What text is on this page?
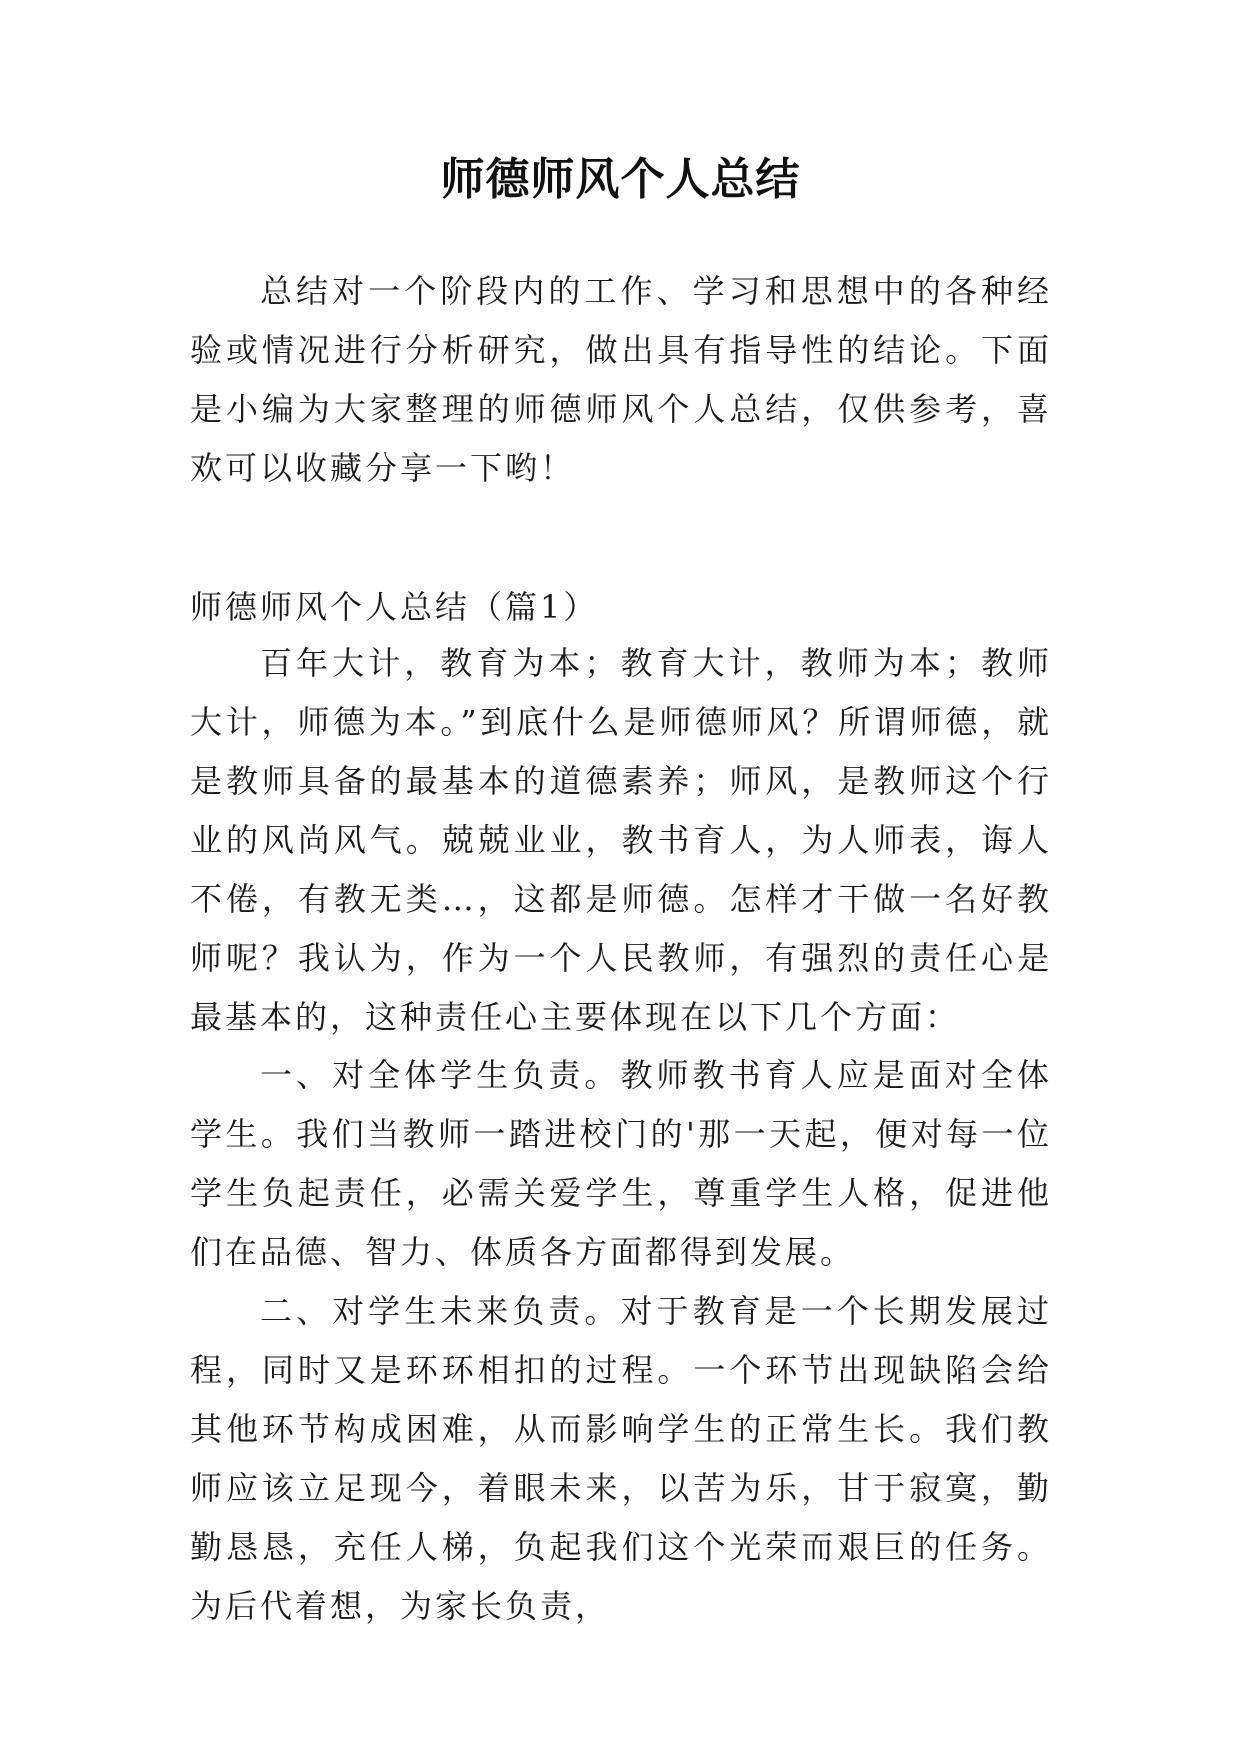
师德师风个人总结

总结对一个阶段内的工作、学习和思想中的各种经验或情况进行分析研究，做出具有指导性的结论。下面是小编为大家整理的师德师风个人总结，仅供参考，喜欢可以收藏分享一下哟！

师德师风个人总结（篇1）

百年大计，教育为本；教育大计，教师为本；教师大计，师德为本。”到底什么是师德师风？所谓师德，就是教师具备的最基本的道德素养；师风，是教师这个行业的风尚风气。兢兢业业，教书育人，为人师表，诲人不倦，有教无类…，这都是师德。怎样才干做一名好教师呢？我认为，作为一个人民教师，有强烈的责任心是最基本的，这种责任心主要体现在以下几个方面：

一、对全体学生负责。教师教书育人应是面对全体学生。我们当教师一踏进校门的'那一天起，便对每一位学生负起责任，必需关爱学生，尊重学生人格，促进他们在品德、智力、体质各方面都得到发展。

二、对学生未来负责。对于教育是一个长期发展过程，同时又是环环相扣的过程。一个环节出现缺陷会给其他环节构成困难，从而影响学生的正常生长。我们教师应该立足现今，着眼未来，以苦为乐，甘于寂寞，勤勤恳恳，充任人梯，负起我们这个光荣而艰巨的任务。为后代着想，为家长负责，
